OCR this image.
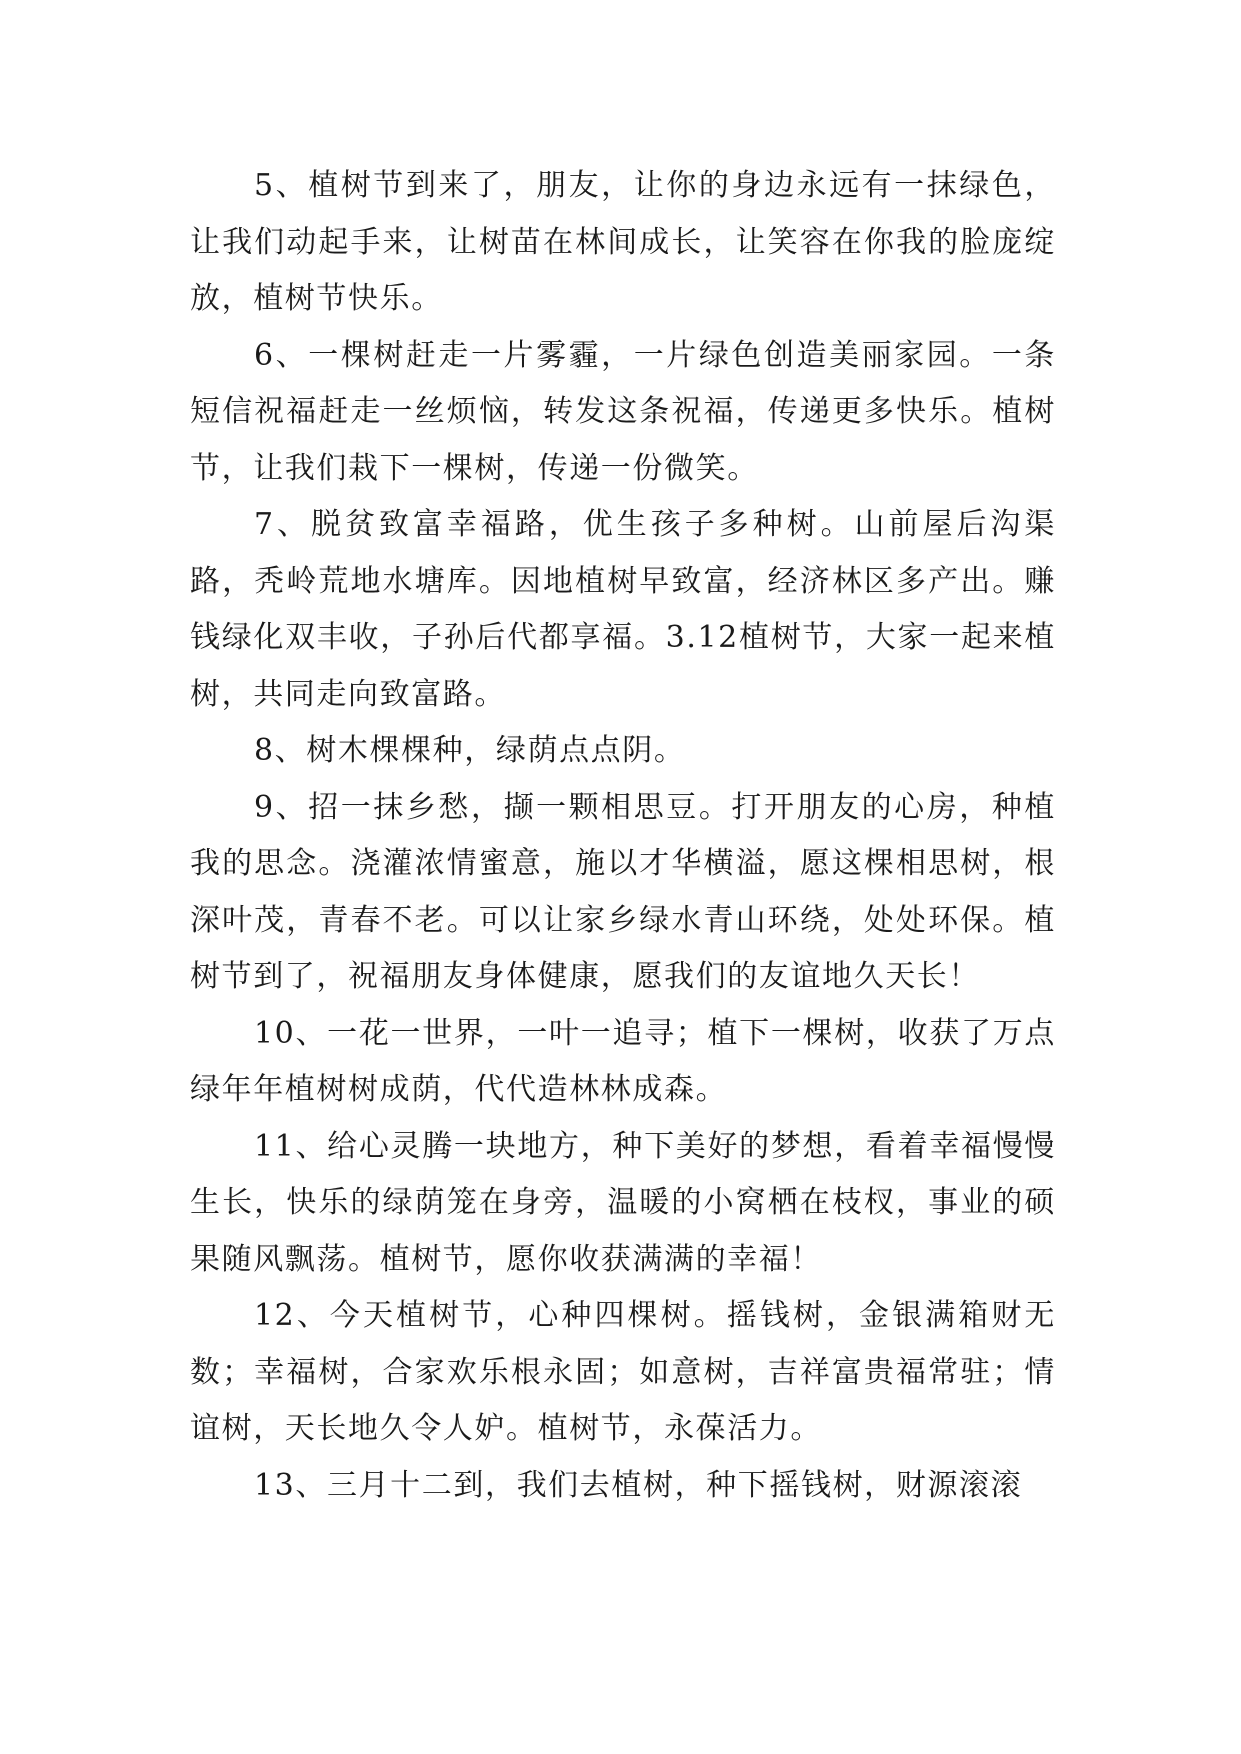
5、植树节到来了，朋友，让你的身边永远有一抹绿色，让我们动起手来，让树苗在林间成长，让笑容在你我的脸庞绽放，植树节快乐。

6、一棵树赶走一片雾霾，一片绿色创造美丽家园。一条短信祝福赶走一丝烦恼，转发这条祝福，传递更多快乐。植树节，让我们栽下一棵树，传递一份微笑。

7、脱贫致富幸福路，优生孩子多种树。山前屋后沟渠路，秃岭荒地水塘库。因地植树早致富，经济林区多产出。赚钱绿化双丰收，子孙后代都享福。3.12植树节，大家一起来植树，共同走向致富路。

8、树木棵棵种，绿荫点点阴。

9、招一抹乡愁，撷一颗相思豆。打开朋友的心房，种植我的思念。浇灌浓情蜜意，施以才华横溢，愿这棵相思树，根深叶茂，青春不老。可以让家乡绿水青山环绕，处处环保。植树节到了，祝福朋友身体健康，愿我们的友谊地久天长！

10、一花一世界，一叶一追寻；植下一棵树，收获了万点绿年年植树树成荫，代代造林林成森。

11、给心灵腾一块地方，种下美好的梦想，看着幸福慢慢生长，快乐的绿荫笼在身旁，温暖的小窝栖在枝杈，事业的硕果随风飘荡。植树节，愿你收获满满的幸福！

12、今天植树节，心种四棵树。摇钱树，金银满箱财无数；幸福树，合家欢乐根永固；如意树，吉祥富贵福常驻；情谊树，天长地久令人妒。植树节，永葆活力。

13、三月十二到，我们去植树，种下摇钱树，财源滚滚
